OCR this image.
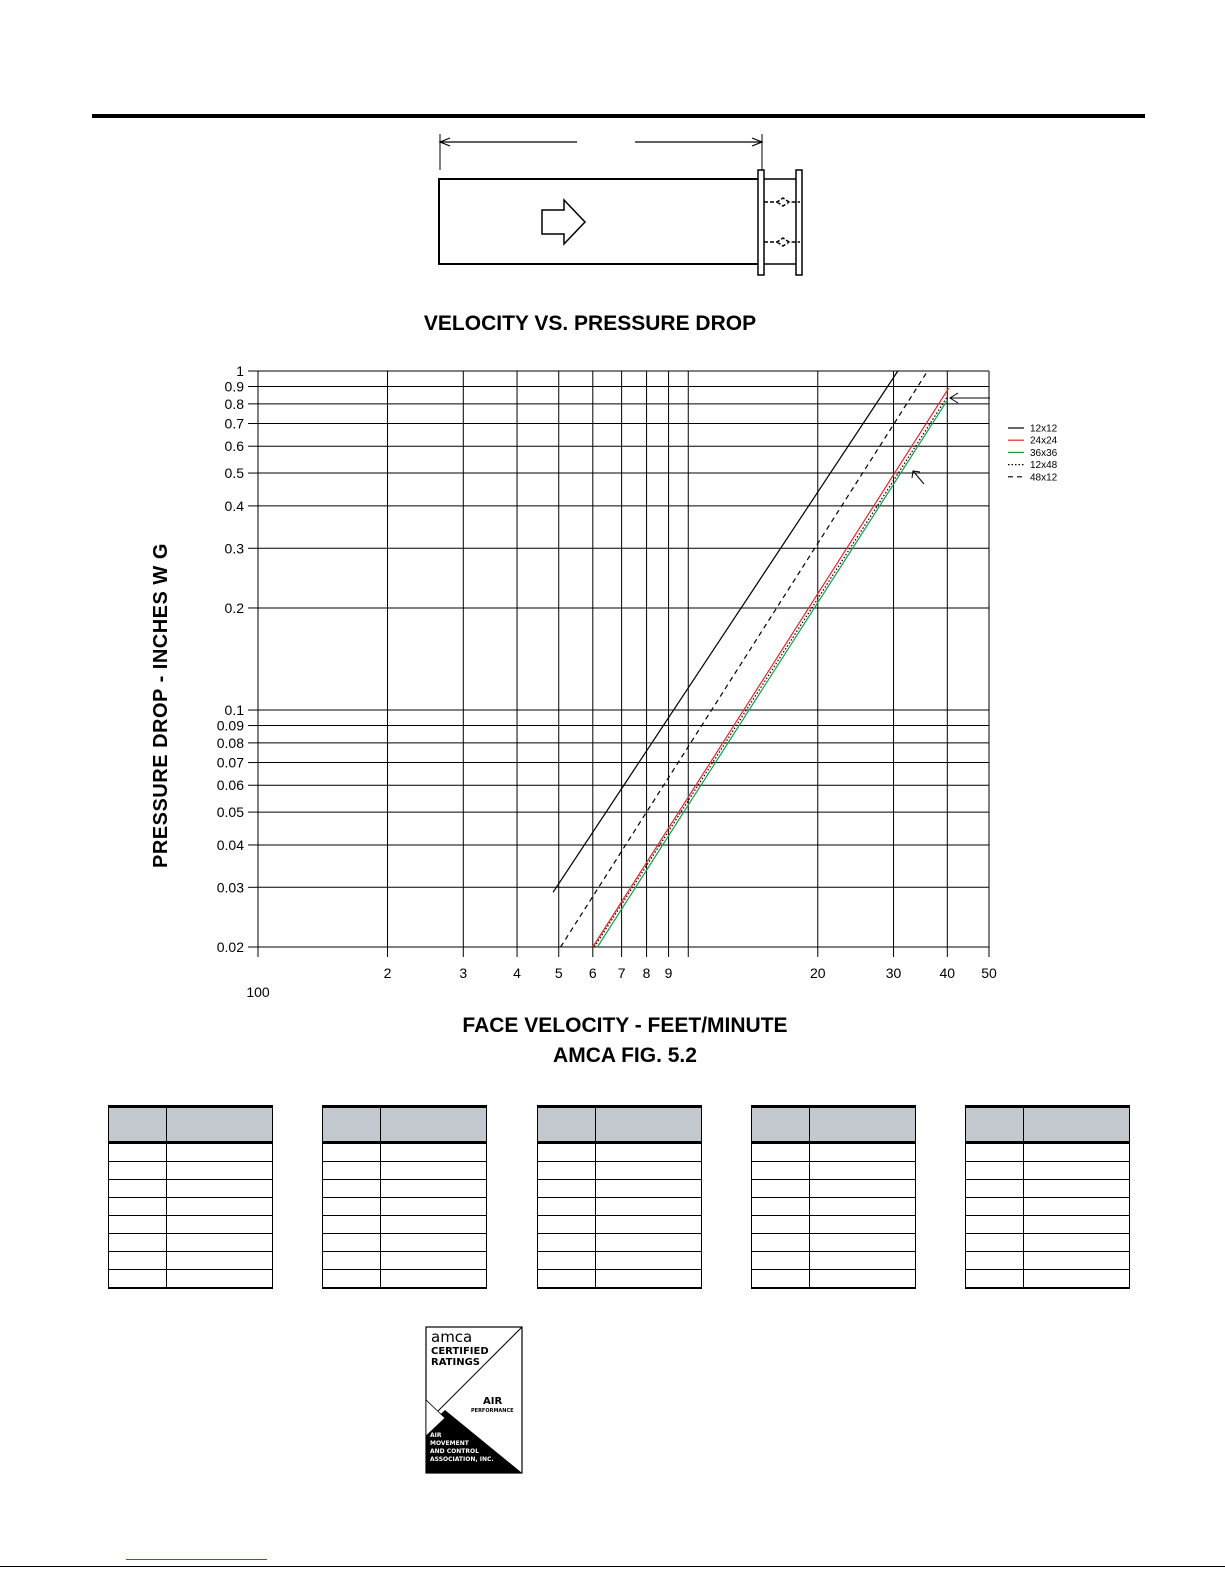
VELOCITY VS. PRESSURE DROP
PRESSURE DROP - INCHES W G
0.02
0.03
0.04
0.05
0.06
0.07
0.08
0.09
0.1
0.2
0.3
0.4
0.5
0.6
0.7
0.8
0.9
1
100
2	3	4 5 6 7 8 9	20	30	40 50
12x12
24x24
36x36
12x48
48x12
FACE VELOCITY - FEET/MINUTE
AMCA FIG. 5.2

amca
CERTIFIED
RATINGS
AIR
PERFORMANCE
AIR
MOVEMENT
AND CONTROL
ASSOCIATION, INC.
